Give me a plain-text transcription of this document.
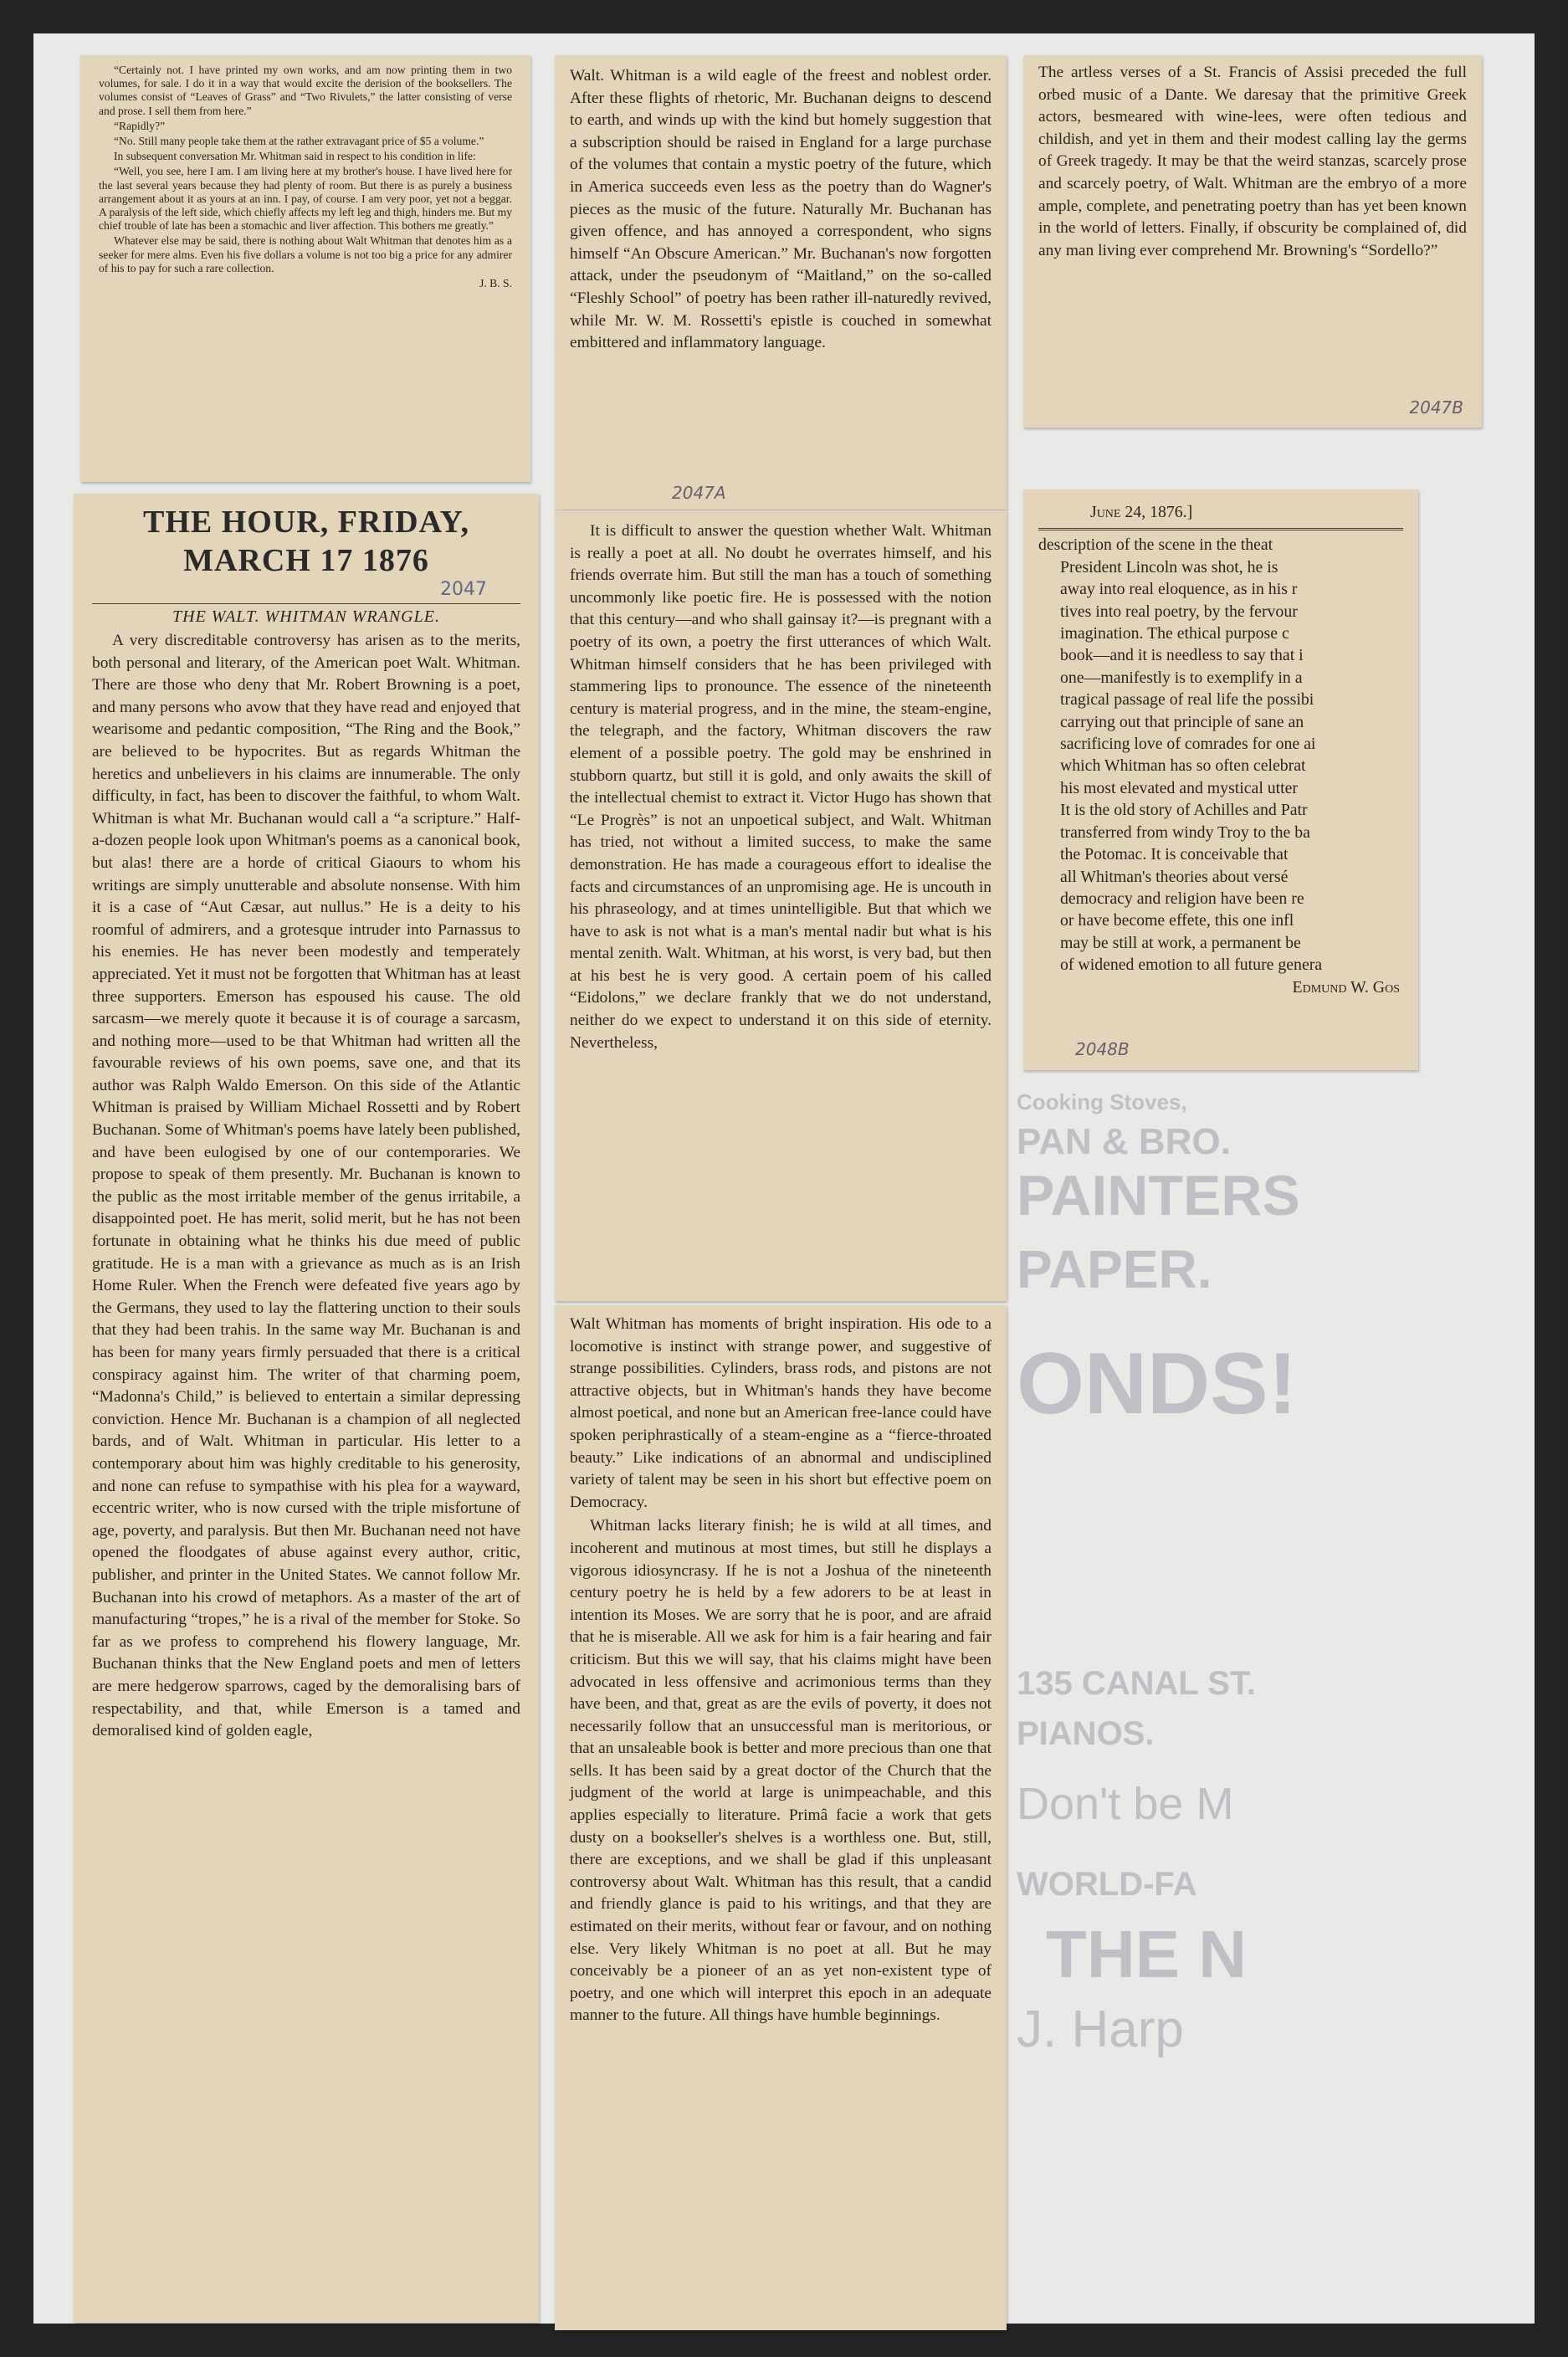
Cooking Stoves,
PAN & BRO.
PAINTERS
PAPER.
ONDS!
135 CANAL ST.
PIANOS.
Don't be M
WORLD-FA
THE N
J. Harp

“Certainly not. I have printed my own works, and am now printing them in two volumes, for sale. I do it in a way that would excite the derision of the booksellers. The volumes consist of “Leaves of Grass” and “Two Rivulets,” the latter consisting of verse and prose. I sell them from here.”

“Rapidly?”

“No. Still many people take them at the rather extravagant price of $5 a volume.”

In subsequent conversation Mr. Whitman said in respect to his condition in life:

“Well, you see, here I am. I am living here at my brother's house. I have lived here for the last several years because they had plenty of room. But there is as purely a business arrangement about it as yours at an inn. I pay, of course. I am very poor, yet not a beggar. A paralysis of the left side, which chiefly affects my left leg and thigh, hinders me. But my chief trouble of late has been a stomachic and liver affection. This bothers me greatly.”

Whatever else may be said, there is nothing about Walt Whitman that denotes him as a seeker for mere alms. Even his five dollars a volume is not too big a price for any admirer of his to pay for such a rare collection.

J. B. S.
THE HOUR, FRIDAY,
MARCH 17 1876
2047
THE WALT. WHITMAN WRANGLE.

A very discreditable controversy has arisen as to the merits, both personal and literary, of the American poet Walt. Whitman. There are those who deny that Mr. Robert Browning is a poet, and many persons who avow that they have read and enjoyed that wearisome and pedantic composition, “The Ring and the Book,” are believed to be hypocrites. But as regards Whitman the heretics and unbelievers in his claims are innumerable. The only difficulty, in fact, has been to discover the faithful, to whom Walt. Whitman is what Mr. Buchanan would call a “a scripture.” Half-a-dozen people look upon Whitman's poems as a canonical book, but alas! there are a horde of critical Giaours to whom his writings are simply unutterable and absolute nonsense. With him it is a case of “Aut Cæsar, aut nullus.” He is a deity to his roomful of admirers, and a grotesque intruder into Parnassus to his enemies. He has never been modestly and temperately appreciated. Yet it must not be forgotten that Whitman has at least three supporters. Emerson has espoused his cause. The old sarcasm—we merely quote it because it is of courage a sarcasm, and nothing more—used to be that Whitman had written all the favourable reviews of his own poems, save one, and that its author was Ralph Waldo Emerson. On this side of the Atlantic Whitman is praised by William Michael Rossetti and by Robert Buchanan. Some of Whitman's poems have lately been published, and have been eulogised by one of our contemporaries. We propose to speak of them presently. Mr. Buchanan is known to the public as the most irritable member of the genus irritabile, a disappointed poet. He has merit, solid merit, but he has not been fortunate in obtaining what he thinks his due meed of public gratitude. He is a man with a grievance as much as is an Irish Home Ruler. When the French were defeated five years ago by the Germans, they used to lay the flattering unction to their souls that they had been trahis. In the same way Mr. Buchanan is and has been for many years firmly persuaded that there is a critical conspiracy against him. The writer of that charming poem, “Madonna's Child,” is believed to entertain a similar depressing conviction. Hence Mr. Buchanan is a champion of all neglected bards, and of Walt. Whitman in particular. His letter to a contemporary about him was highly creditable to his generosity, and none can refuse to sympathise with his plea for a wayward, eccentric writer, who is now cursed with the triple misfortune of age, poverty, and paralysis. But then Mr. Buchanan need not have opened the floodgates of abuse against every author, critic, publisher, and printer in the United States. We cannot follow Mr. Buchanan into his crowd of metaphors. As a master of the art of manufacturing “tropes,” he is a rival of the member for Stoke. So far as we profess to comprehend his flowery language, Mr. Buchanan thinks that the New England poets and men of letters are mere hedgerow sparrows, caged by the demoralising bars of respectability, and that, while Emerson is a tamed and demoralised kind of golden eagle,

Walt. Whitman is a wild eagle of the freest and noblest order. After these flights of rhetoric, Mr. Buchanan deigns to descend to earth, and winds up with the kind but homely suggestion that a subscription should be raised in England for a large purchase of the volumes that contain a mystic poetry of the future, which in America succeeds even less as the poetry than do Wagner's pieces as the music of the future. Naturally Mr. Buchanan has given offence, and has annoyed a correspondent, who signs himself “An Obscure American.” Mr. Buchanan's now forgotten attack, under the pseudonym of “Maitland,” on the so-called “Fleshly School” of poetry has been rather ill-naturedly revived, while Mr. W. M. Rossetti's epistle is couched in somewhat embittered and inflammatory language.

2047A

It is difficult to answer the question whether Walt. Whitman is really a poet at all. No doubt he overrates himself, and his friends overrate him. But still the man has a touch of something uncommonly like poetic fire. He is possessed with the notion that this century—and who shall gainsay it?—is pregnant with a poetry of its own, a poetry the first utterances of which Walt. Whitman himself considers that he has been privileged with stammering lips to pronounce. The essence of the nineteenth century is material progress, and in the mine, the steam-engine, the telegraph, and the factory, Whitman discovers the raw element of a possible poetry. The gold may be enshrined in stubborn quartz, but still it is gold, and only awaits the skill of the intellectual chemist to extract it. Victor Hugo has shown that “Le Progrès” is not an unpoetical subject, and Walt. Whitman has tried, not without a limited success, to make the same demonstration. He has made a courageous effort to idealise the facts and circumstances of an unpromising age. He is uncouth in his phraseology, and at times unintelligible. But that which we have to ask is not what is a man's mental nadir but what is his mental zenith. Walt. Whitman, at his worst, is very bad, but then at his best he is very good. A certain poem of his called “Eidolons,” we declare frankly that we do not understand, neither do we expect to understand it on this side of eternity. Nevertheless,

Walt Whitman has moments of bright inspiration. His ode to a locomotive is instinct with strange power, and suggestive of strange possibilities. Cylinders, brass rods, and pistons are not attractive objects, but in Whitman's hands they have become almost poetical, and none but an American free-lance could have spoken periphrastically of a steam-engine as a “fierce-throated beauty.” Like indications of an abnormal and undisciplined variety of talent may be seen in his short but effective poem on Democracy.

Whitman lacks literary finish; he is wild at all times, and incoherent and mutinous at most times, but still he displays a vigorous idiosyncrasy. If he is not a Joshua of the nineteenth century poetry he is held by a few adorers to be at least in intention its Moses. We are sorry that he is poor, and are afraid that he is miserable. All we ask for him is a fair hearing and fair criticism. But this we will say, that his claims might have been advocated in less offensive and acrimonious terms than they have been, and that, great as are the evils of poverty, it does not necessarily follow that an unsuccessful man is meritorious, or that an unsaleable book is better and more precious than one that sells. It has been said by a great doctor of the Church that the judgment of the world at large is unimpeachable, and this applies especially to literature. Primâ facie a work that gets dusty on a bookseller's shelves is a worthless one. But, still, there are exceptions, and we shall be glad if this unpleasant controversy about Walt. Whitman has this result, that a candid and friendly glance is paid to his writings, and that they are estimated on their merits, without fear or favour, and on nothing else. Very likely Whitman is no poet at all. But he may conceivably be a pioneer of an as yet non-existent type of poetry, and one which will interpret this epoch in an adequate manner to the future. All things have humble beginnings.

The artless verses of a St. Francis of Assisi preceded the full orbed music of a Dante. We daresay that the primitive Greek actors, besmeared with wine-lees, were often tedious and childish, and yet in them and their modest calling lay the germs of Greek tragedy. It may be that the weird stanzas, scarcely prose and scarcely poetry, of Walt. Whitman are the embryo of a more ample, complete, and penetrating poetry than has yet been known in the world of letters. Finally, if obscurity be complained of, did any man living ever comprehend Mr. Browning's “Sordello?”

2047B
June 24, 1876.]
description of the scene in the theat
President Lincoln was shot, he is
away into real eloquence, as in his r
tives into real poetry, by the fervour
imagination. The ethical purpose c
book—and it is needless to say that i
one—manifestly is to exemplify in a
tragical passage of real life the possibi
carrying out that principle of sane an
sacrificing love of comrades for one ai
which Whitman has so often celebrat
his most elevated and mystical utter
It is the old story of Achilles and Patr
transferred from windy Troy to the ba
the Potomac. It is conceivable that
all Whitman's theories about versé
democracy and religion have been re
or have become effete, this one infl
may be still at work, a permanent be
of widened emotion to all future genera
Edmund W. Gos
2048B
